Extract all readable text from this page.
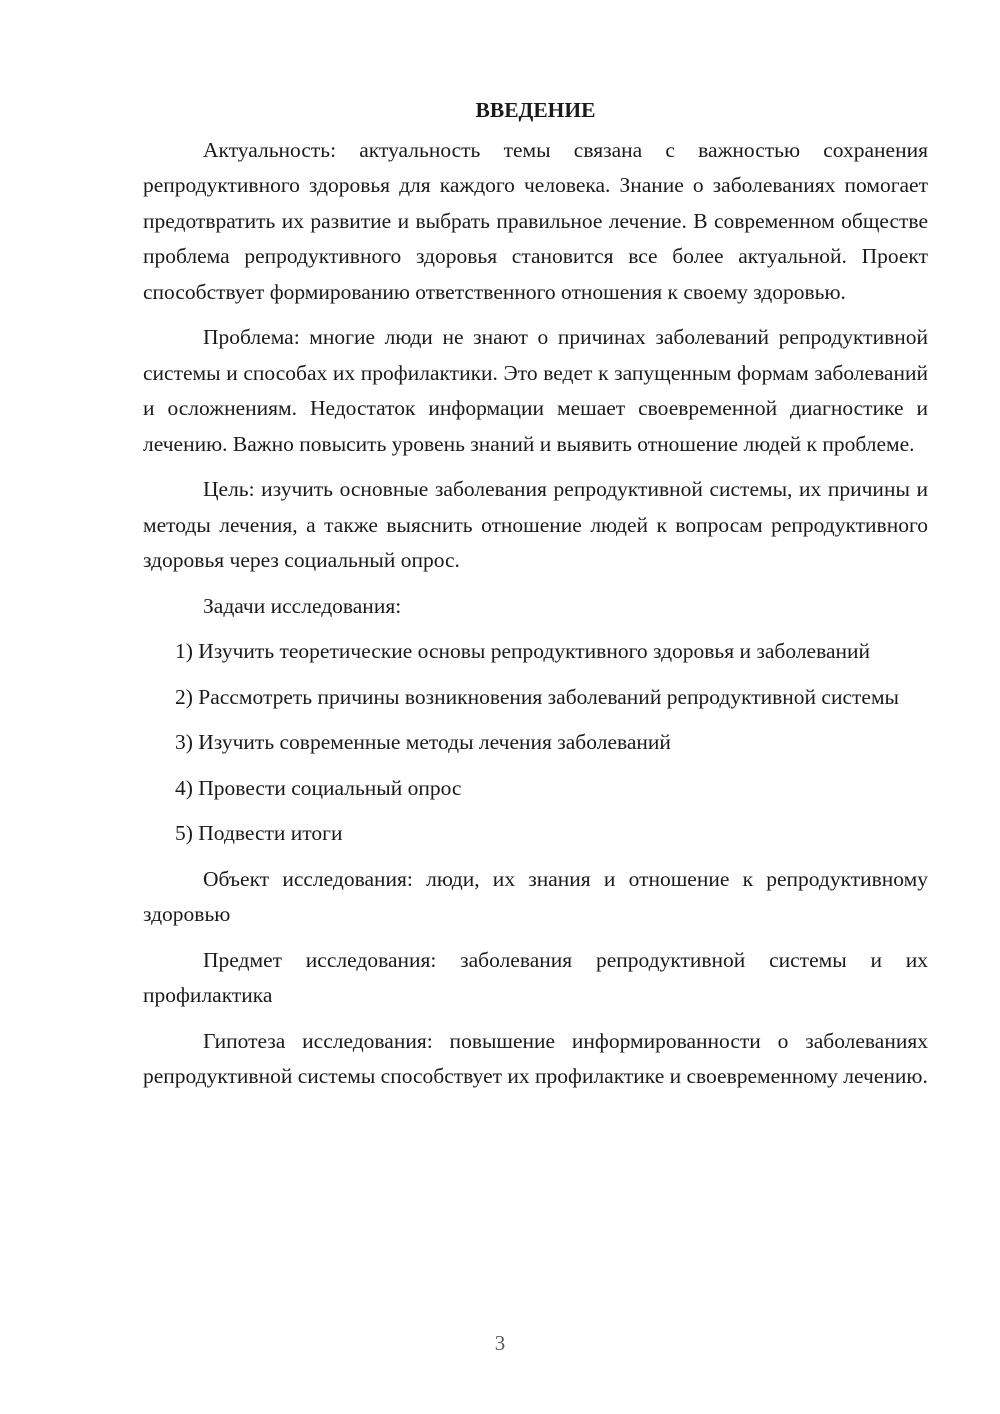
ВВЕДЕНИЕ

Актуальность: актуальность темы связана с важностью сохранения репродуктивного здоровья для каждого человека. Знание о заболеваниях помогает предотвратить их развитие и выбрать правильное лечение. В современном обществе проблема репродуктивного здоровья становится все более актуальной. Проект способствует формированию ответственного отношения к своему здоровью.

Проблема: многие люди не знают о причинах заболеваний репродуктивной системы и способах их профилактики. Это ведет к запущенным формам заболеваний и осложнениям. Недостаток информации мешает своевременной диагностике и лечению. Важно повысить уровень знаний и выявить отношение людей к проблеме.

Цель: изучить основные заболевания репродуктивной системы, их причины и методы лечения, а также выяснить отношение людей к вопросам репродуктивного здоровья через социальный опрос.

Задачи исследования:

1) Изучить теоретические основы репродуктивного здоровья и заболеваний

2) Рассмотреть причины возникновения заболеваний репродуктивной системы

3) Изучить современные методы лечения заболеваний

4) Провести социальный опрос

5) Подвести итоги

Объект исследования: люди, их знания и отношение к репродуктивному здоровью

Предмет исследования: заболевания репродуктивной системы и их профилактика

Гипотеза исследования: повышение информированности о заболеваниях репродуктивной системы способствует их профилактике и своевременному лечению.

3
